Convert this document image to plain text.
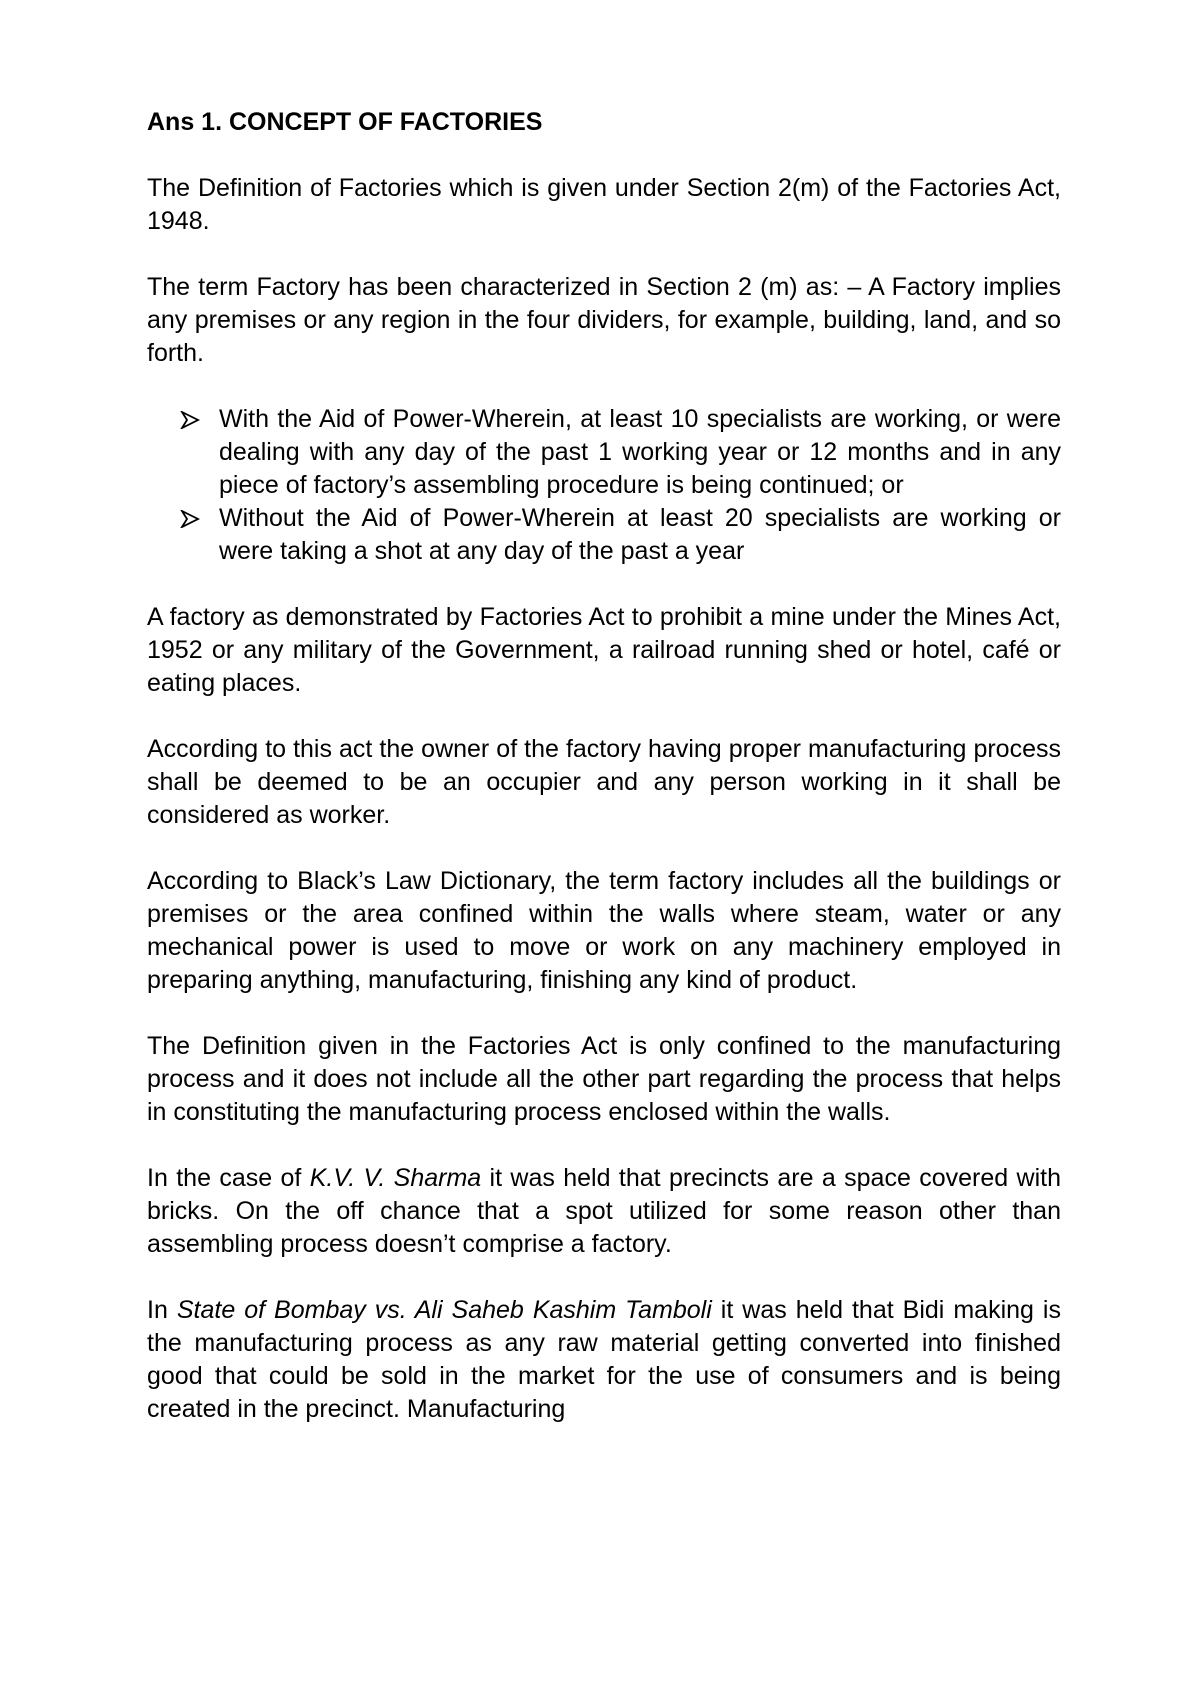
Ans 1. CONCEPT OF FACTORIES

The Definition of Factories which is given under Section 2(m) of the Factories Act, 1948.

The term Factory has been characterized in Section 2 (m) as: – A Factory implies any premises or any region in the four dividers, for example, building, land, and so forth.

With the Aid of Power-Wherein, at least 10 specialists are working, or were dealing with any day of the past 1 working year or 12 months and in any piece of factory’s assembling procedure is being continued; or
Without the Aid of Power-Wherein at least 20 specialists are working or were taking a shot at any day of the past a year

A factory as demonstrated by Factories Act to prohibit a mine under the Mines Act, 1952 or any military of the Government, a railroad running shed or hotel, café or eating places.

According to this act the owner of the factory having proper manufacturing process shall be deemed to be an occupier and any person working in it shall be considered as worker.

According to Black’s Law Dictionary, the term factory includes all the buildings or premises or the area confined within the walls where steam, water or any mechanical power is used to move or work on any machinery employed in preparing anything, manufacturing, finishing any kind of product.

The Definition given in the Factories Act is only confined to the manufacturing process and it does not include all the other part regarding the process that helps in constituting the manufacturing process enclosed within the walls.

In the case of K.V. V. Sharma it was held that precincts are a space covered with bricks. On the off chance that a spot utilized for some reason other than assembling process doesn’t comprise a factory.

In State of Bombay vs. Ali Saheb Kashim Tamboli it was held that Bidi making is the manufacturing process as any raw material getting converted into finished good that could be sold in the market for the use of consumers and is being created in the precinct. Manufacturing
